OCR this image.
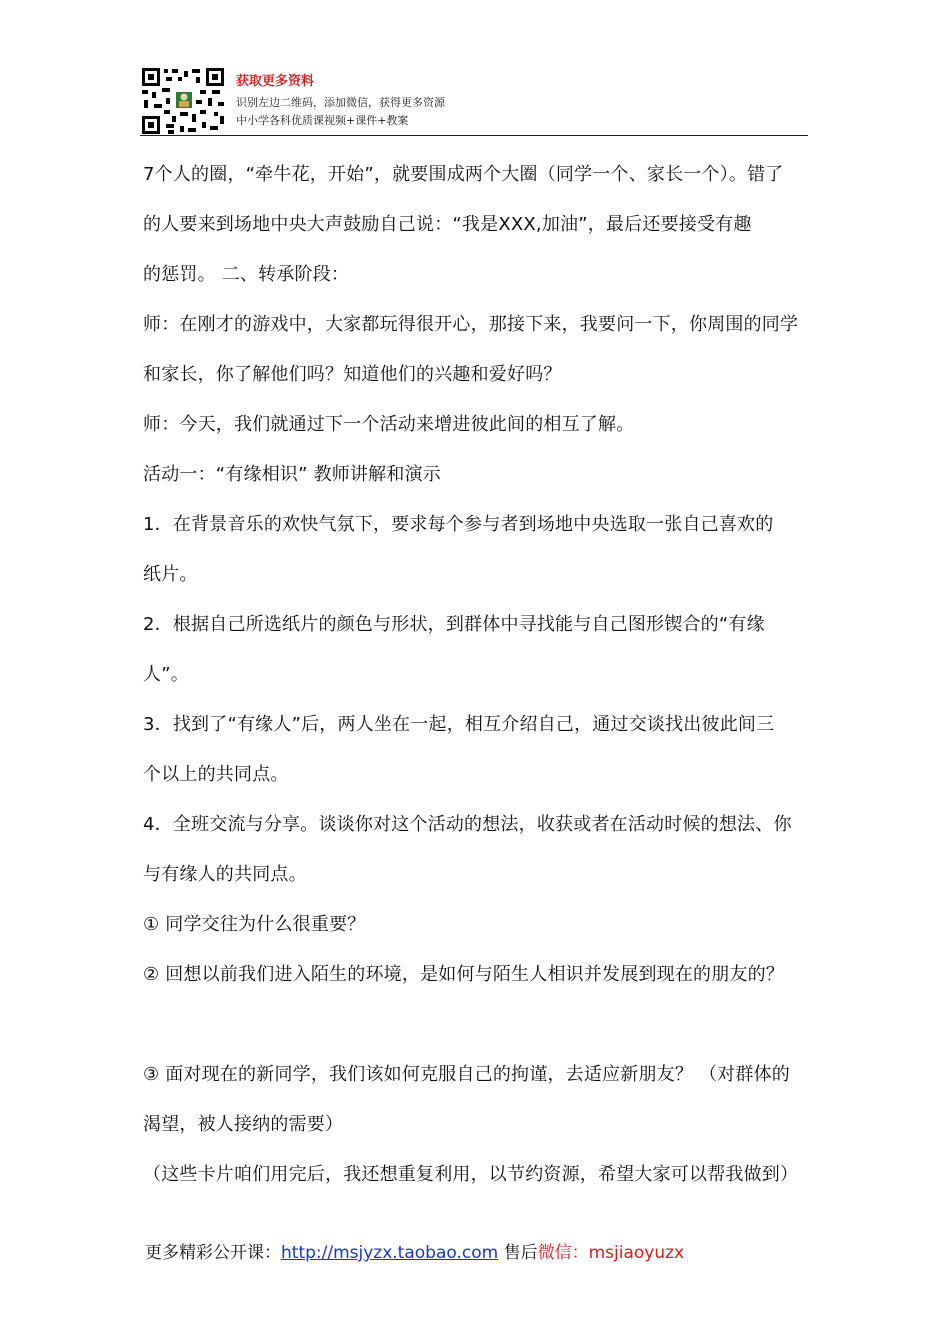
获取更多资料
识别左边二维码，添加微信，获得更多资源
中小学各科优质课视频+课件+教案
7个人的圈，“牵牛花，开始”，就要围成两个大圈（同学一个、家长一个）。错了
的人要来到场地中央大声鼓励自己说：“我是XXX,加油”，最后还要接受有趣
的惩罚。 二、转承阶段：
师：在刚才的游戏中，大家都玩得很开心，那接下来，我要问一下，你周围的同学
和家长，你了解他们吗？知道他们的兴趣和爱好吗？
师：今天，我们就通过下一个活动来增进彼此间的相互了解。
活动一：“有缘相识” 教师讲解和演示
1．在背景音乐的欢快气氛下，要求每个参与者到场地中央选取一张自己喜欢的
纸片。
2．根据自己所选纸片的颜色与形状，到群体中寻找能与自己图形锲合的“有缘
人”。
3．找到了“有缘人”后，两人坐在一起，相互介绍自己，通过交谈找出彼此间三
个以上的共同点。
4．全班交流与分享。谈谈你对这个活动的想法，收获或者在活动时候的想法、你
与有缘人的共同点。
① 同学交往为什么很重要？
② 回想以前我们进入陌生的环境，是如何与陌生人相识并发展到现在的朋友的？
③ 面对现在的新同学，我们该如何克服自己的拘谨，去适应新朋友？ （对群体的
渴望，被人接纳的需要）
（这些卡片咱们用完后，我还想重复利用，以节约资源，希望大家可以帮我做到）
更多精彩公开课：http://msjyzx.taobao.com 售后微信：msjiaoyuzx
